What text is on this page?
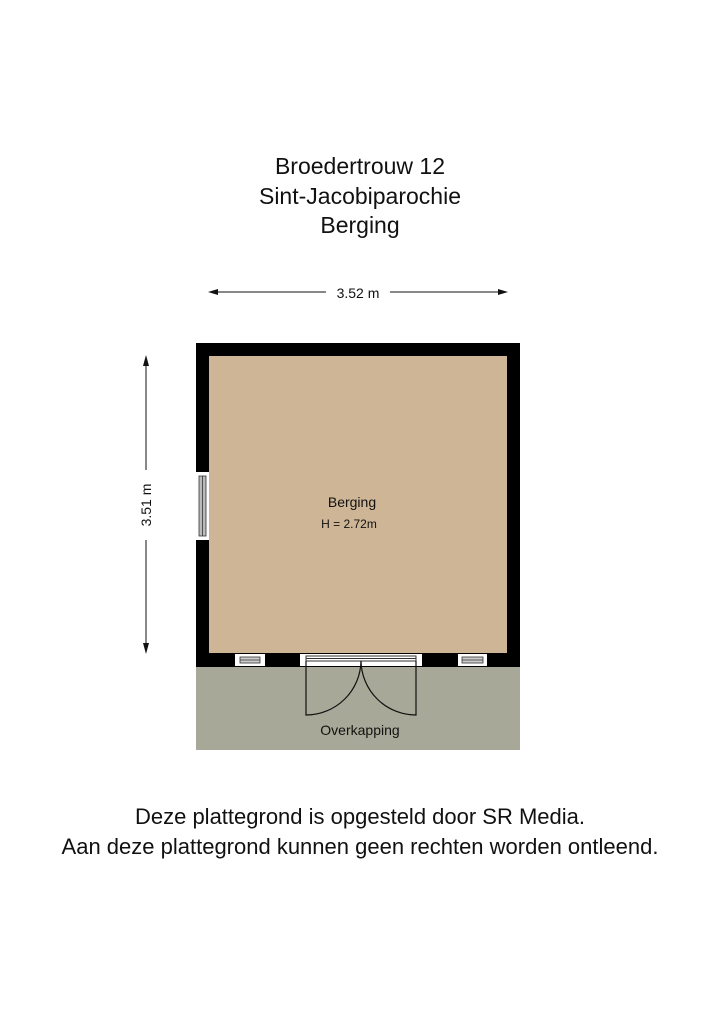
Broedertrouw 12
Sint-Jacobiparochie
Berging
3.52 m
3.51 m	Berging
H = 2.72m
Overkapping
Deze plattegrond is opgesteld door SR Media.
Aan deze plattegrond kunnen geen rechten worden ontleend.
